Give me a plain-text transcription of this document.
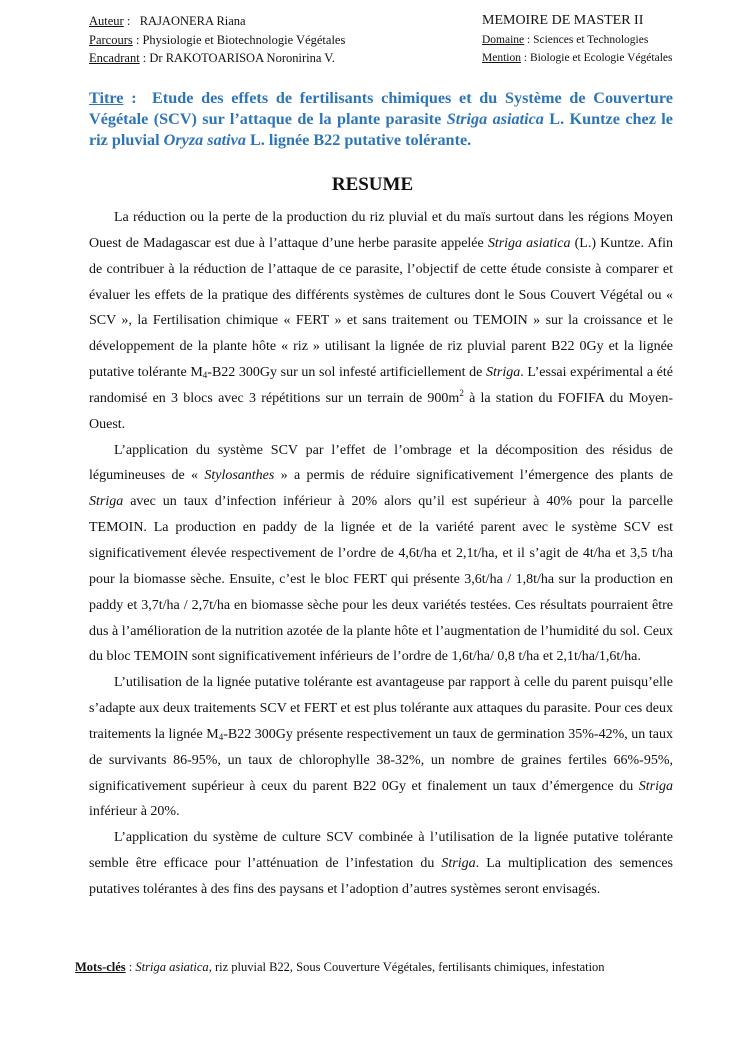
Auteur :   RAJAONERA Riana
Parcours : Physiologie et Biotechnologie Végétales
Encadrant : Dr RAKOTOARISOA Noronirina V.
MEMOIRE DE MASTER II
Domaine : Sciences et Technologies
Mention : Biologie et Ecologie Végétales
Titre :  Etude des effets de fertilisants chimiques et du Système de Couverture Végétale (SCV) sur l’attaque de la plante parasite Striga asiatica L. Kuntze chez le riz pluvial Oryza sativa L. lignée B22 putative tolérante.
RESUME

La réduction ou la perte de la production du riz pluvial et du maïs surtout dans les régions Moyen Ouest de Madagascar est due à l’attaque d’une herbe parasite appelée Striga asiatica (L.) Kuntze. Afin de contribuer à la réduction de l’attaque de ce parasite, l’objectif de cette étude consiste à comparer et évaluer les effets de la pratique des différents systèmes de cultures dont le Sous Couvert Végétal ou « SCV », la Fertilisation chimique « FERT » et sans traitement ou TEMOIN » sur la croissance et le développement de la plante hôte « riz » utilisant la lignée de riz pluvial parent B22 0Gy et la lignée putative tolérante $M_4-B22$ 300Gy sur un sol infesté artificiellement de Striga. L’essai expérimental a été randomisé en 3 blocs avec 3 répétitions sur un terrain de $900m^2$ à la station du FOFIFA du Moyen- Ouest.

L’application du système SCV par l’effet de l’ombrage et la décomposition des résidus de légumineuses de « Stylosanthes » a permis de réduire significativement l’émergence des plants de Striga avec un taux d’infection inférieur à 20% alors qu’il est supérieur à 40% pour la parcelle TEMOIN. La production en paddy de la lignée et de la variété parent avec le système SCV est significativement élevée respectivement de l’ordre de 4,6t/ha et 2,1t/ha, et il s’agit de 4t/ha et 3,5 t/ha pour la biomasse sèche. Ensuite, c’est le bloc FERT qui présente 3,6t/ha / 1,8t/ha sur la production en paddy et 3,7t/ha / 2,7t/ha en biomasse sèche pour les deux variétés testées. Ces résultats pourraient être dus à l’amélioration de la nutrition azotée de la plante hôte et l’augmentation de l’humidité du sol. Ceux du bloc TEMOIN sont significativement inférieurs de l’ordre de 1,6t/ha/ 0,8 t/ha et 2,1t/ha/1,6t/ha.

L’utilisation de la lignée putative tolérante est avantageuse par rapport à celle du parent puisqu’elle s’adapte aux deux traitements SCV et FERT et est plus tolérante aux attaques du parasite. Pour ces deux traitements la lignée $M_4-B22$ 300Gy présente respectivement un taux de germination 35%-42%, un taux de survivants 86-95%, un taux de chlorophylle 38-32%, un nombre de graines fertiles 66%-95%, significativement supérieur à ceux du parent B22 0Gy et finalement un taux d’émergence du Striga inférieur à 20%.

L’application du système de culture SCV combinée à l’utilisation de la lignée putative tolérante semble être efficace pour l’atténuation de l’infestation du Striga. La multiplication des semences putatives tolérantes à des fins des paysans et l’adoption d’autres systèmes seront envisagés.

Mots-clés : Striga asiatica, riz pluvial B22, Sous Couverture Végétales, fertilisants chimiques, infestation
